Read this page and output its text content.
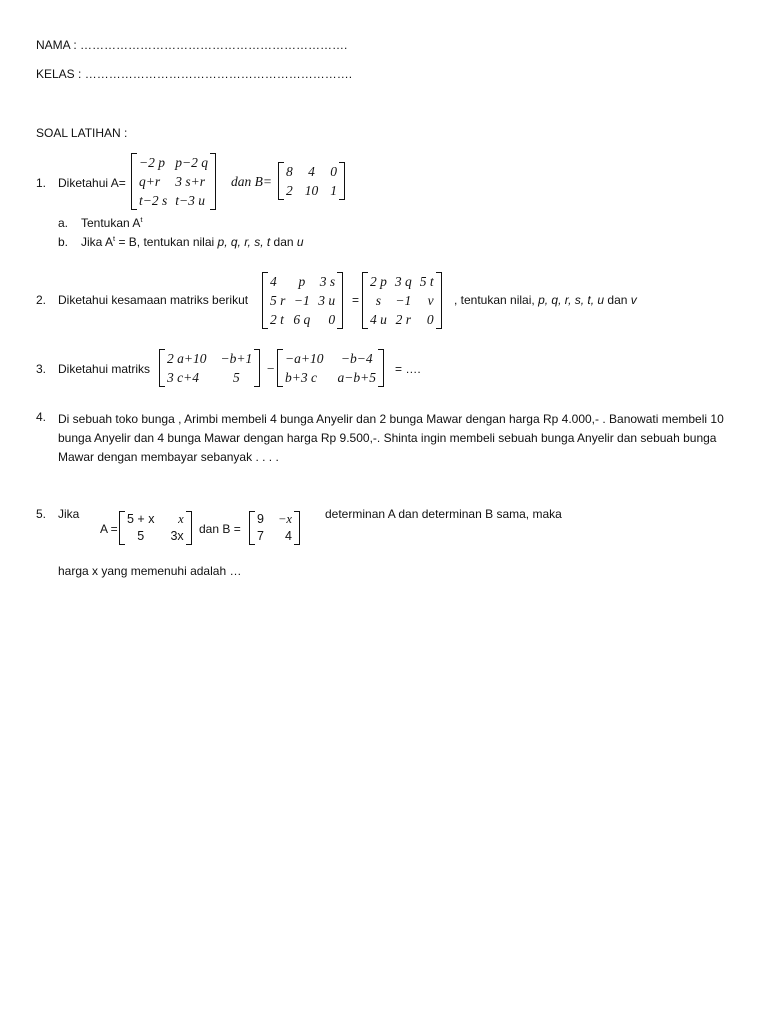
NAMA : ………………………………………………………….
KELAS : ………………………………………………………….
SOAL LATIHAN :
1. Diketahui A=
−2 p	p−2 q
q+r	3 s+r
t−2 s	t−3 u
dan B=
8	4	0
2	10	1
a. Tentukan $A^t$
b. Jika $A^t = B$, tentukan nilai p, q, r, s, t dan u
2. Diketahui kesamaan matriks berikut
4	p	3 s
5 r	−1	3 u
2 t	6 q	0
=
2 p	3 q	5 t
s	−1	v
4 u	2 r	0
, tentukan nilai, p, q, r, s, t, u dan v
3. Diketahui matriks
2 a+10	−b+1
3 c+4	5
−
−a+10	−b−4
b+3 c	a−b+5
= ….
4. Di sebuah toko bunga , Arimbi membeli 4 bunga Anyelir dan 2 bunga Mawar dengan harga Rp 4.000,- . Banowati membeli 10 bunga Anyelir dan 4 bunga Mawar dengan harga Rp 9.500,-. Shinta ingin membeli sebuah bunga Anyelir dan sebuah bunga Mawar dengan membayar sebanyak . . . .
5. Jika
A =
5 + x	x
5	3x dan B =
9	−x
7	4
determinan A dan determinan B sama, maka
harga x yang memenuhi adalah …
